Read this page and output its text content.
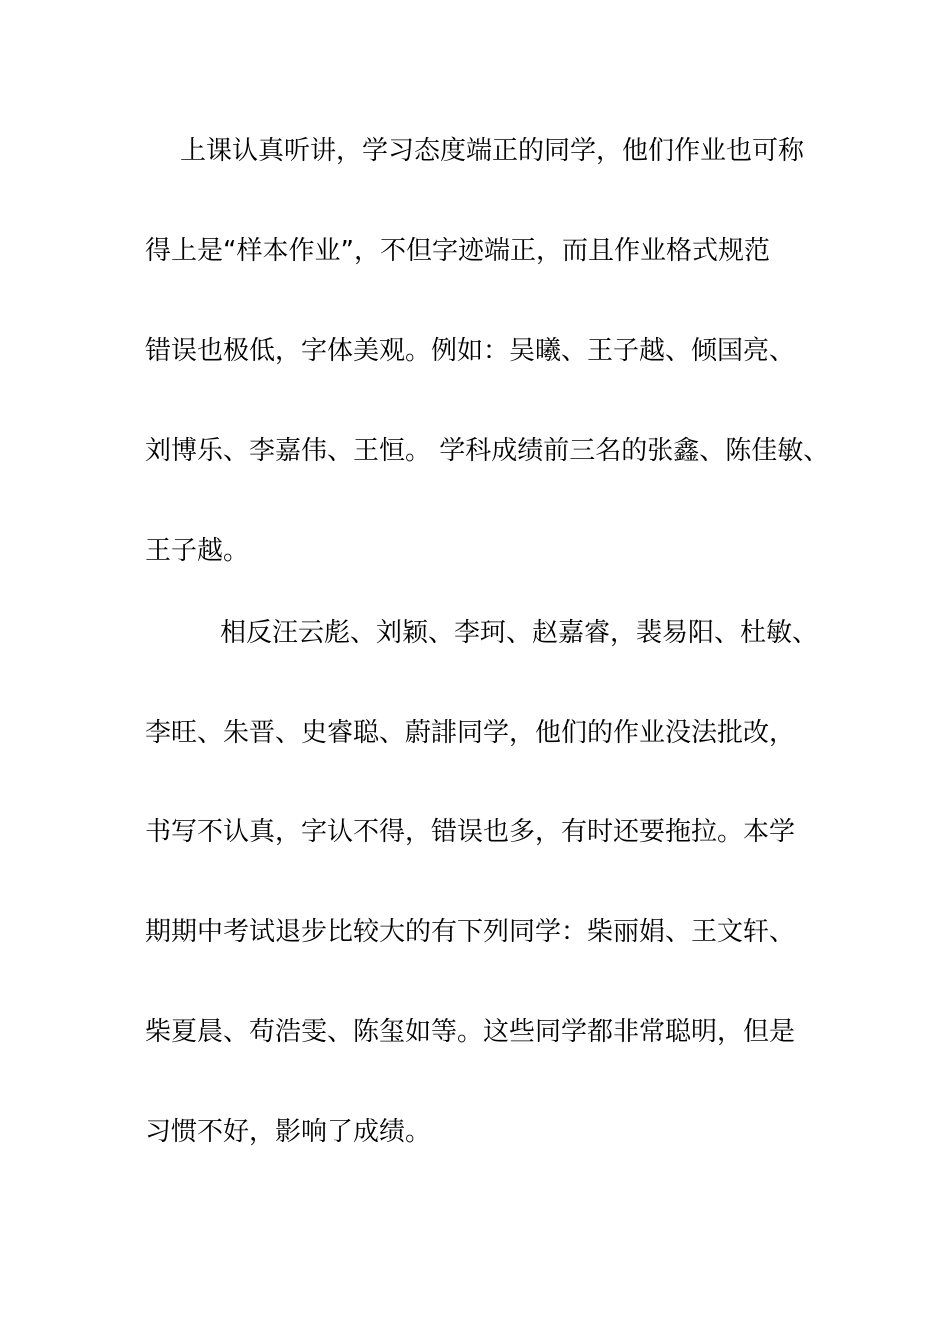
上课认真听讲，学习态度端正的同学，他们作业也可称

得上是“样本作业”，不但字迹端正，而且作业格式规范

错误也极低，字体美观。例如：吴曦、王子越、倾国亮、

刘博乐、李嘉伟、王恒。 学科成绩前三名的张鑫、陈佳敏、

王子越。

相反汪云彪、刘颖、李珂、赵嘉睿，裴易阳、杜敏、

李旺、朱晋、史睿聪、蔚誹同学，他们的作业没法批改，

书写不认真，字认不得，错误也多，有时还要拖拉。本学

期期中考试退步比较大的有下列同学：柴丽娟、王文轩、

柴夏晨、苟浩雯、陈玺如等。这些同学都非常聪明，但是

习惯不好，影响了成绩。
